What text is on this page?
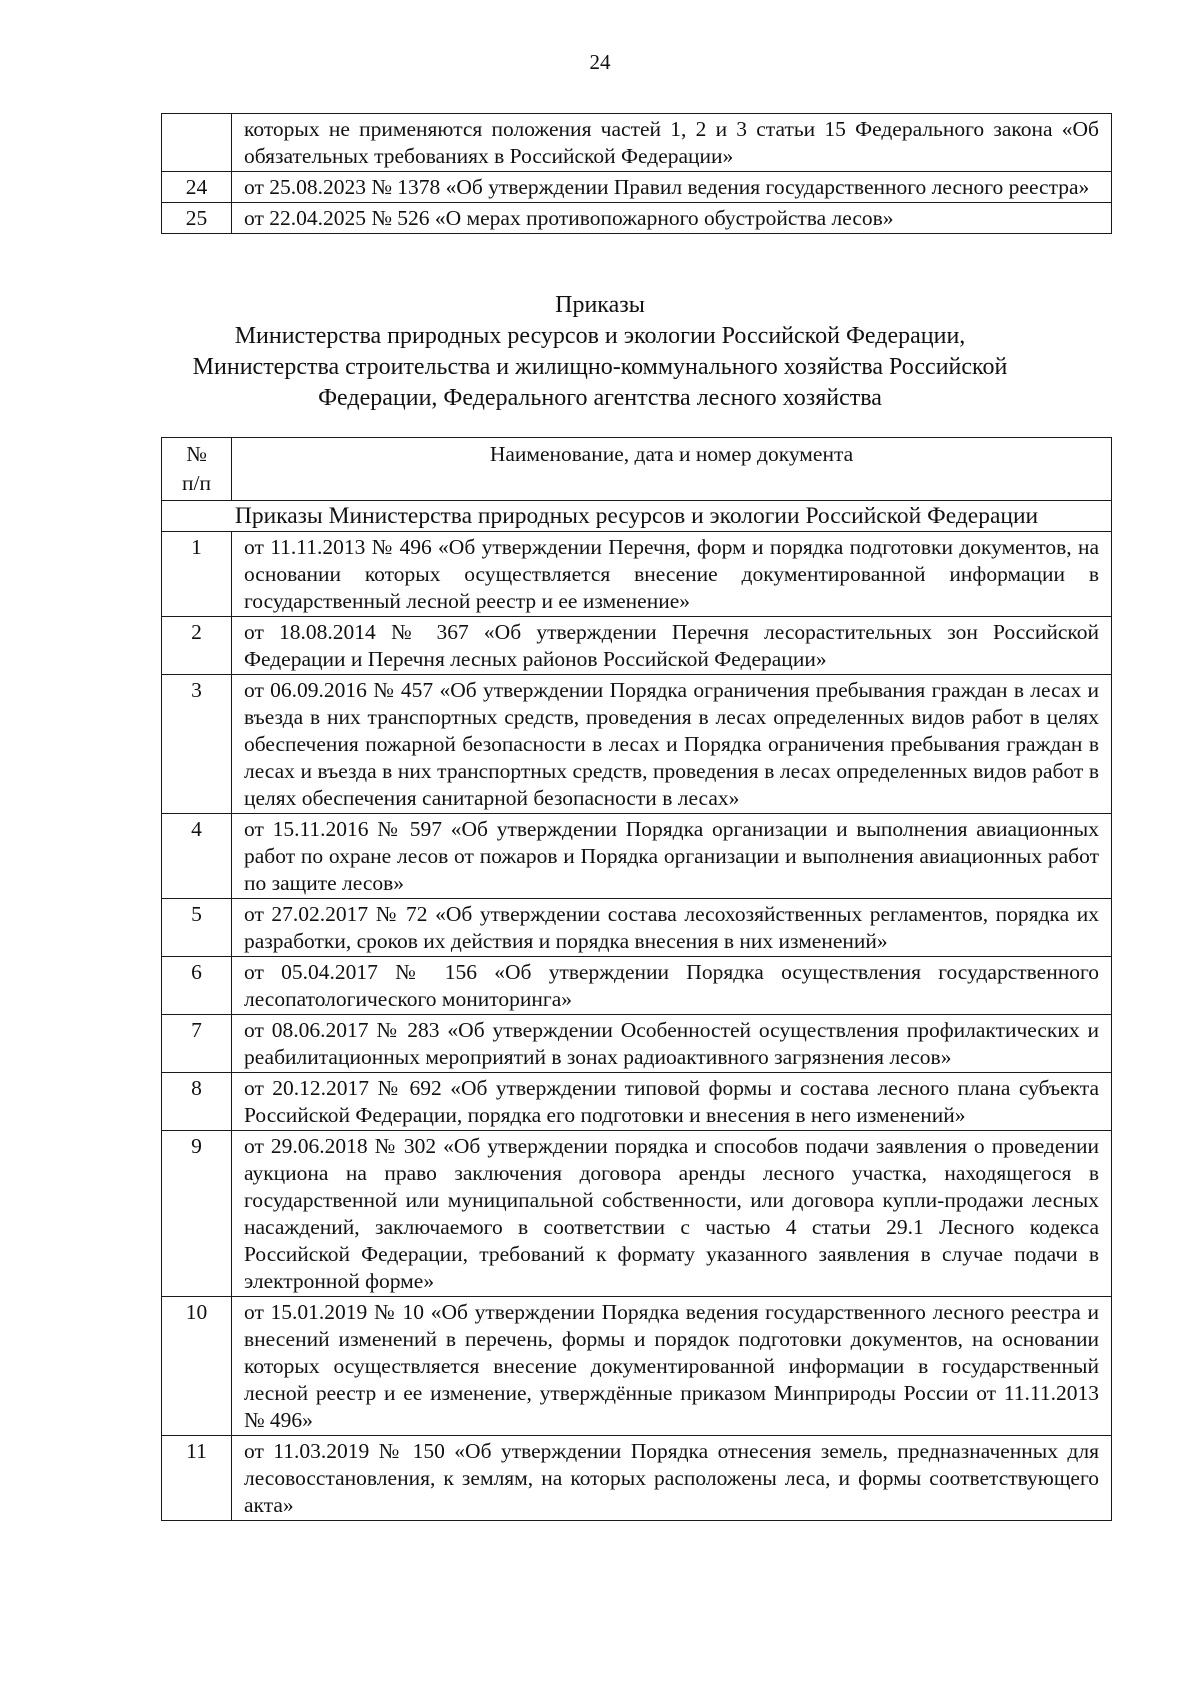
24
	которых не применяются положения частей 1, 2 и 3 статьи 15 Федерального закона «Об обязательных требованиях в Российской Федерации»
24	от 25.08.2023 № 1378 «Об утверждении Правил ведения государственного лесного реестра»
25	от 22.04.2025 № 526 «О мерах противопожарного обустройства лесов»
Приказы
Министерства природных ресурсов и экологии Российской Федерации,
Министерства строительства и жилищно-коммунального хозяйства Российской
Федерации, Федерального агентства лесного хозяйства
№
п/п	Наименование, дата и номер документа
Приказы Министерства природных ресурсов и экологии Российской Федерации	
1	от 11.11.2013 № 496 «Об утверждении Перечня, форм и порядка подготовки документов, на основании которых осуществляется внесение документированной информации в государственный лесной реестр и ее изменение»
2	от 18.08.2014 № 367 «Об утверждении Перечня лесорастительных зон Российской Федерации и Перечня лесных районов Российской Федерации»
3	от 06.09.2016 № 457 «Об утверждении Порядка ограничения пребывания граждан в лесах и въезда в них транспортных средств, проведения в лесах определенных видов работ в целях обеспечения пожарной безопасности в лесах и Порядка ограничения пребывания граждан в лесах и въезда в них транспортных средств, проведения в лесах определенных видов работ в целях обеспечения санитарной безопасности в лесах»
4	от 15.11.2016 № 597 «Об утверждении Порядка организации и выполнения авиационных работ по охране лесов от пожаров и Порядка организации и выполнения авиационных работ по защите лесов»
5	от 27.02.2017 № 72 «Об утверждении состава лесохозяйственных регламентов, порядка их разработки, сроков их действия и порядка внесения в них изменений»
6	от 05.04.2017 № 156 «Об утверждении Порядка осуществления государственного лесопатологического мониторинга»
7	от 08.06.2017 № 283 «Об утверждении Особенностей осуществления профилактических и реабилитационных мероприятий в зонах радиоактивного загрязнения лесов»
8	от 20.12.2017 № 692 «Об утверждении типовой формы и состава лесного плана субъекта Российской Федерации, порядка его подготовки и внесения в него изменений»
9	от 29.06.2018 № 302 «Об утверждении порядка и способов подачи заявления о проведении аукциона на право заключения договора аренды лесного участка, находящегося в государственной или муниципальной собственности, или договора купли-продажи лесных насаждений, заключаемого в соответствии с частью 4 статьи 29.1 Лесного кодекса Российской Федерации, требований к формату указанного заявления в случае подачи в электронной форме»
10	от 15.01.2019 № 10 «Об утверждении Порядка ведения государственного лесного реестра и внесений изменений в перечень, формы и порядок подготовки документов, на основании которых осуществляется внесение документированной информации в государственный лесной реестр и ее изменение, утверждённые приказом Минприроды России от 11.11.2013 № 496»
11	от 11.03.2019 № 150 «Об утверждении Порядка отнесения земель, предназначенных для лесовосстановления, к землям, на которых расположены леса, и формы соответствующего акта»
